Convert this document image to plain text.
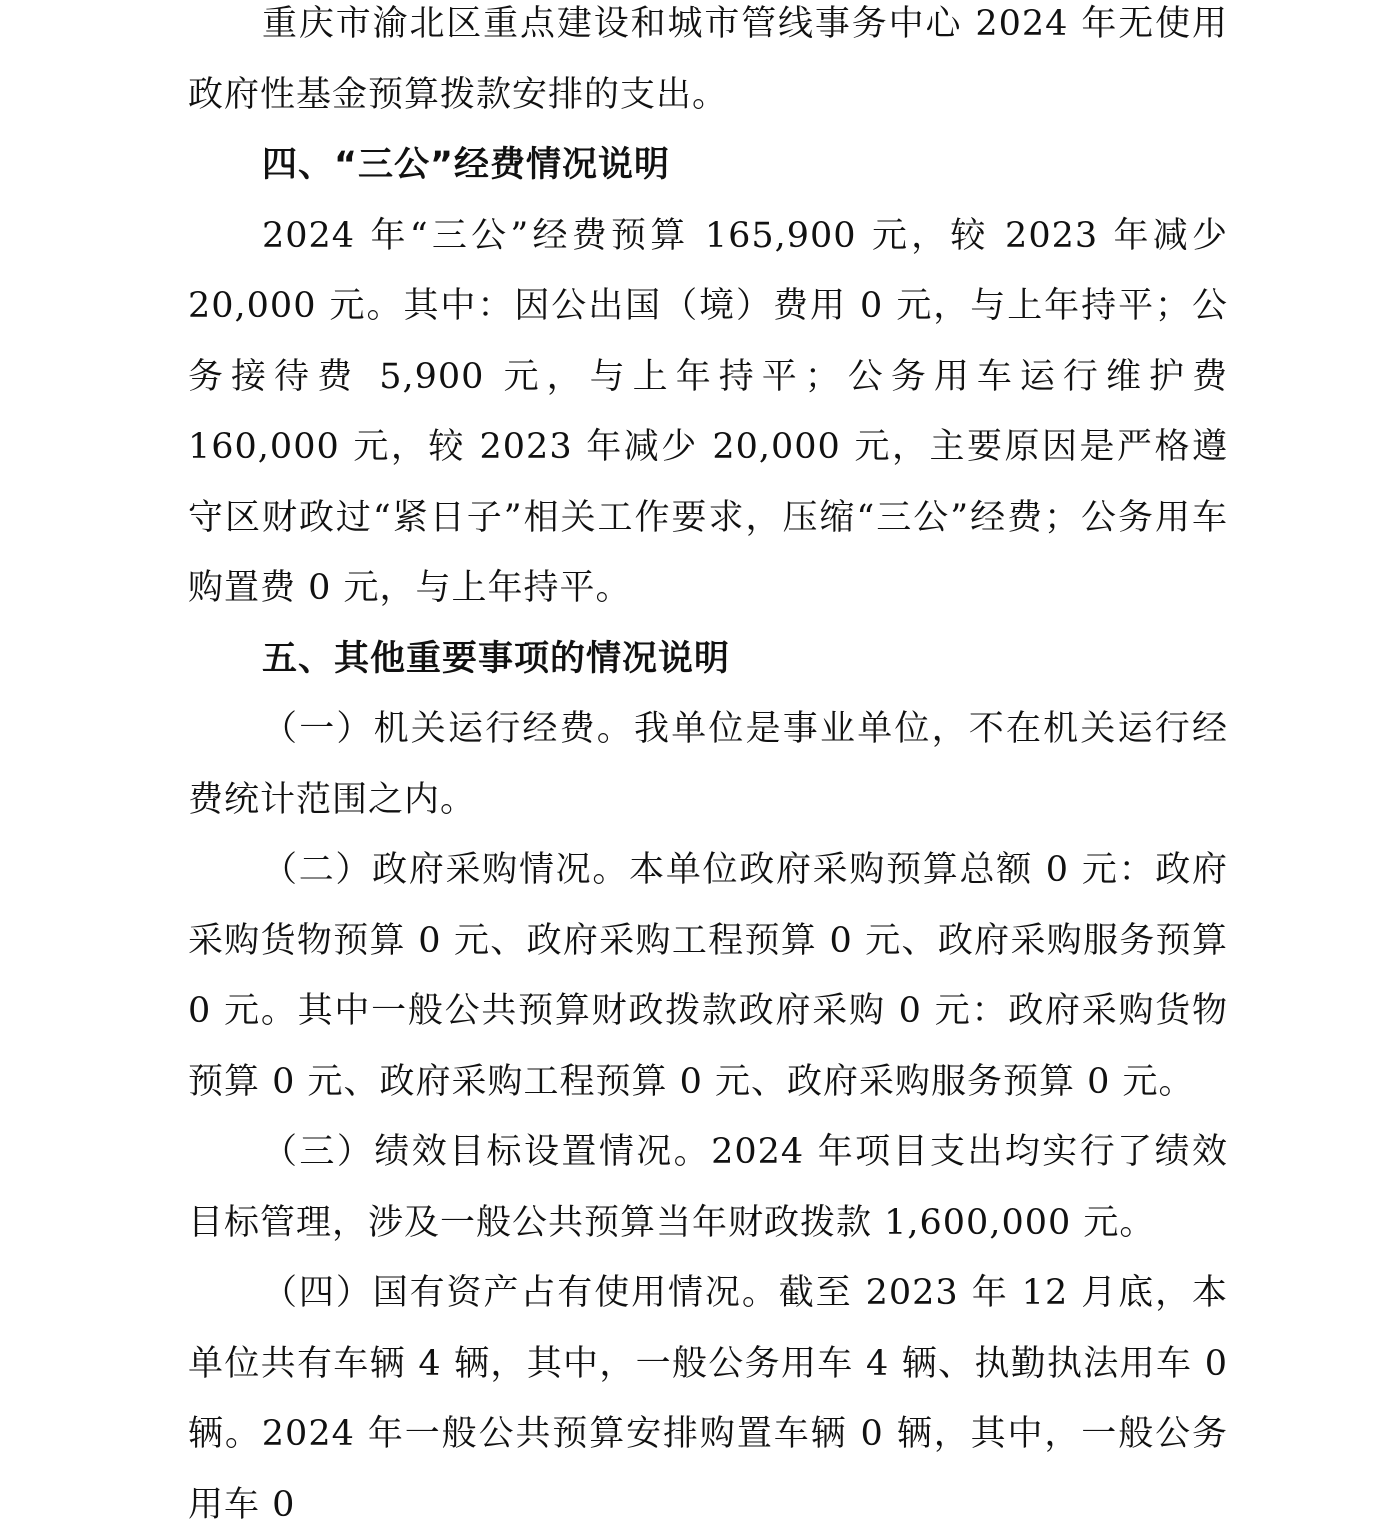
重庆市渝北区重点建设和城市管线事务中心 2024 年无使用政府性基金预算拨款安排的支出。

四、“三公”经费情况说明

2024 年“三公”经费预算 165,900 元，较 2023 年减少 20,000 元。其中：因公出国（境）费用 0 元，与上年持平；公务接待费 5,900 元，与上年持平；公务用车运行维护费 160,000 元，较 2023 年减少 20,000 元，主要原因是严格遵守区财政过“紧日子”相关工作要求，压缩“三公”经费；公务用车购置费 0 元，与上年持平。

五、其他重要事项的情况说明

（一）机关运行经费。我单位是事业单位，不在机关运行经费统计范围之内。

（二）政府采购情况。本单位政府采购预算总额 0 元：政府采购货物预算 0 元、政府采购工程预算 0 元、政府采购服务预算 0 元。其中一般公共预算财政拨款政府采购 0 元：政府采购货物预算 0 元、政府采购工程预算 0 元、政府采购服务预算 0 元。

（三）绩效目标设置情况。2024 年项目支出均实行了绩效目标管理，涉及一般公共预算当年财政拨款 1,600,000 元。

（四）国有资产占有使用情况。截至 2023 年 12 月底，本单位共有车辆 4 辆，其中，一般公务用车 4 辆、执勤执法用车 0 辆。2024 年一般公共预算安排购置车辆 0 辆，其中，一般公务用车 0
